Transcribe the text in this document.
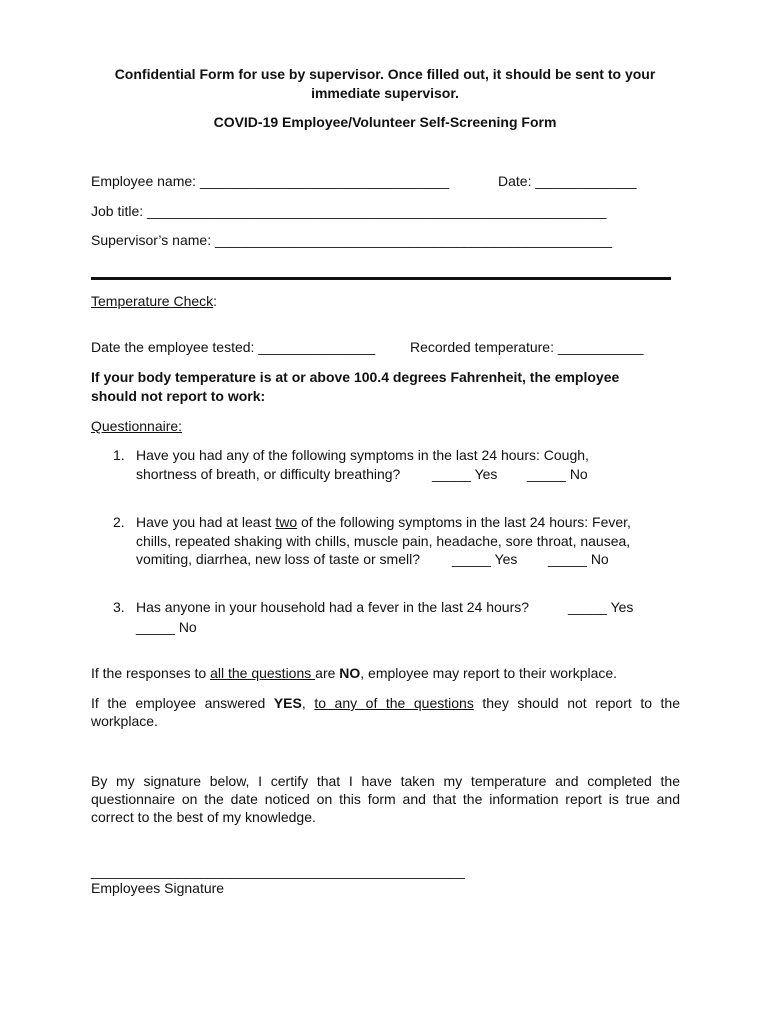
Confidential Form for use by supervisor. Once filled out, it should be sent to your
immediate supervisor.
COVID-19 Employee/Volunteer Self-Screening Form
Employee name: ________________________________	Date: _____________
Job title: ___________________________________________________________
Supervisor’s name: ___________________________________________________
Temperature Check:
Date the employee tested: _______________ Recorded temperature: ___________
If your body temperature is at or above 100.4 degrees Fahrenheit, the employee
should not report to work:
Questionnaire:
1. Have you had any of the following symptoms in the last 24 hours: Cough,
shortness of breath, or difficulty breathing? _____ Yes _____ No
2. Have you had at least two of the following symptoms in the last 24 hours: Fever,
chills, repeated shaking with chills, muscle pain, headache, sore throat, nausea,
vomiting, diarrhea, new loss of taste or smell? _____ Yes _____ No
3. Has anyone in your household had a fever in the last 24 hours?	_____ Yes
_____ No
If the responses to all the questions are NO, employee may report to their workplace.
If the employee answered YES, to any of the questions they should not report to the workplace.
By my signature below, I certify that I have taken my temperature and completed the questionnaire on the date noticed on this form and that the information report is true and correct to the best of my knowledge.
________________________________________________
Employees Signature
